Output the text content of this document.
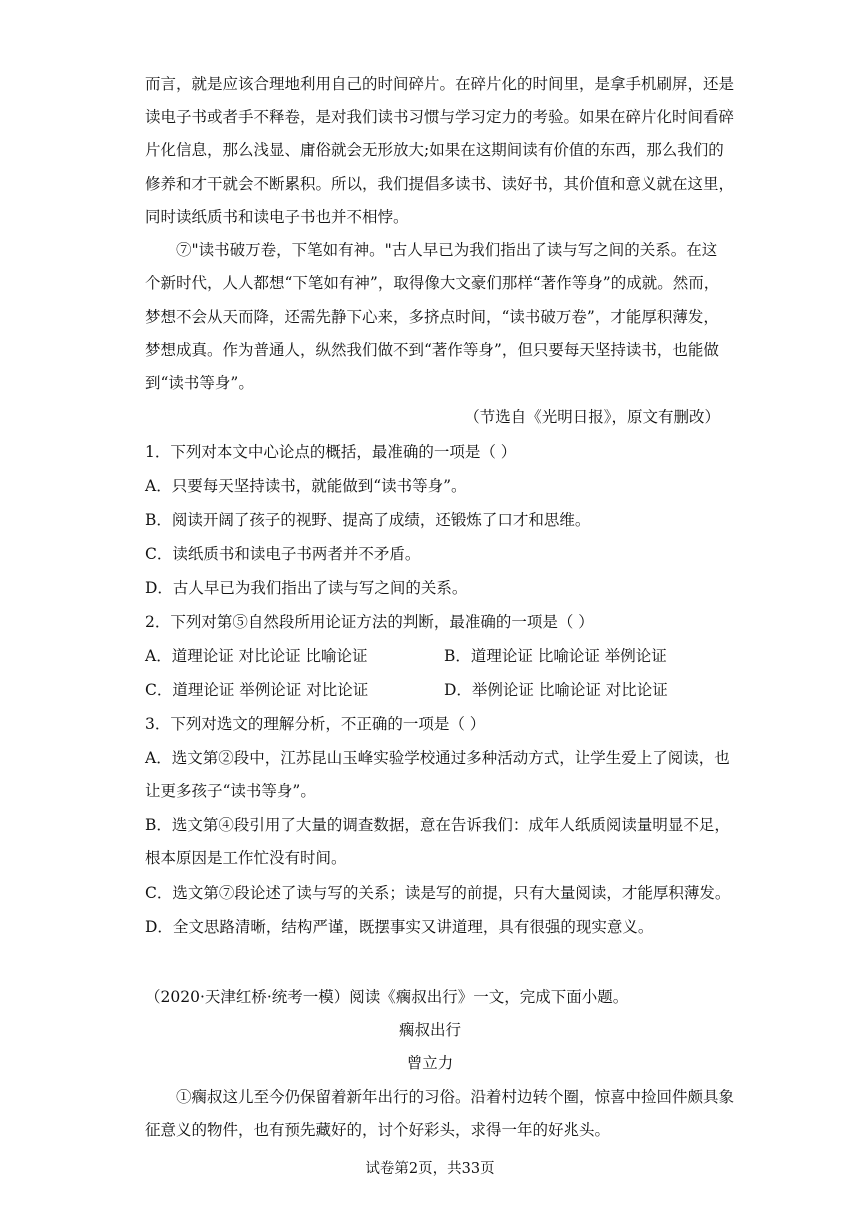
而言，就是应该合理地利用自己的时间碎片。在碎片化的时间里，是拿手机刷屏，还是
读电子书或者手不释卷，是对我们读书习惯与学习定力的考验。如果在碎片化时间看碎
片化信息，那么浅显、庸俗就会无形放大;如果在这期间读有价值的东西，那么我们的
修养和才干就会不断累积。所以，我们提倡多读书、读好书，其价值和意义就在这里，
同时读纸质书和读电子书也并不相悖。
⑦"读书破万卷，下笔如有神。"古人早已为我们指出了读与写之间的关系。在这
个新时代，人人都想“下笔如有神”，取得像大文豪们那样“著作等身”的成就。然而，
梦想不会从天而降，还需先静下心来，多挤点时间，“读书破万卷”，才能厚积薄发，
梦想成真。作为普通人，纵然我们做不到“著作等身”，但只要每天坚持读书，也能做
到“读书等身”。
（节选自《光明日报》，原文有删改）
1．下列对本文中心论点的概括，最准确的一项是（ ）
A．只要每天坚持读书，就能做到“读书等身”。
B．阅读开阔了孩子的视野、提高了成绩，还锻炼了口才和思维。
C．读纸质书和读电子书两者并不矛盾。
D．古人早已为我们指出了读与写之间的关系。
2．下列对第⑤自然段所用论证方法的判断，最准确的一项是（ ）
A．道理论证 对比论证 比喻论证	B．道理论证 比喻论证 举例论证
C．道理论证 举例论证 对比论证	D．举例论证 比喻论证 对比论证
3．下列对选文的理解分析，不正确的一项是（ ）
A．选文第②段中，江苏昆山玉峰实验学校通过多种活动方式，让学生爱上了阅读，也
让更多孩子“读书等身”。
B．选文第④段引用了大量的调查数据，意在告诉我们：成年人纸质阅读量明显不足，
根本原因是工作忙没有时间。
C．选文第⑦段论述了读与写的关系；读是写的前提，只有大量阅读，才能厚积薄发。
D．全文思路清晰，结构严谨，既摆事实又讲道理，具有很强的现实意义。
（2020·天津红桥·统考一模）阅读《瘸叔出行》一文，完成下面小题。
瘸叔出行
曾立力
①瘸叔这儿至今仍保留着新年出行的习俗。沿着村边转个圈，惊喜中捡回件颇具象
征意义的物件，也有预先藏好的，讨个好彩头，求得一年的好兆头。
试卷第2页，共33页
